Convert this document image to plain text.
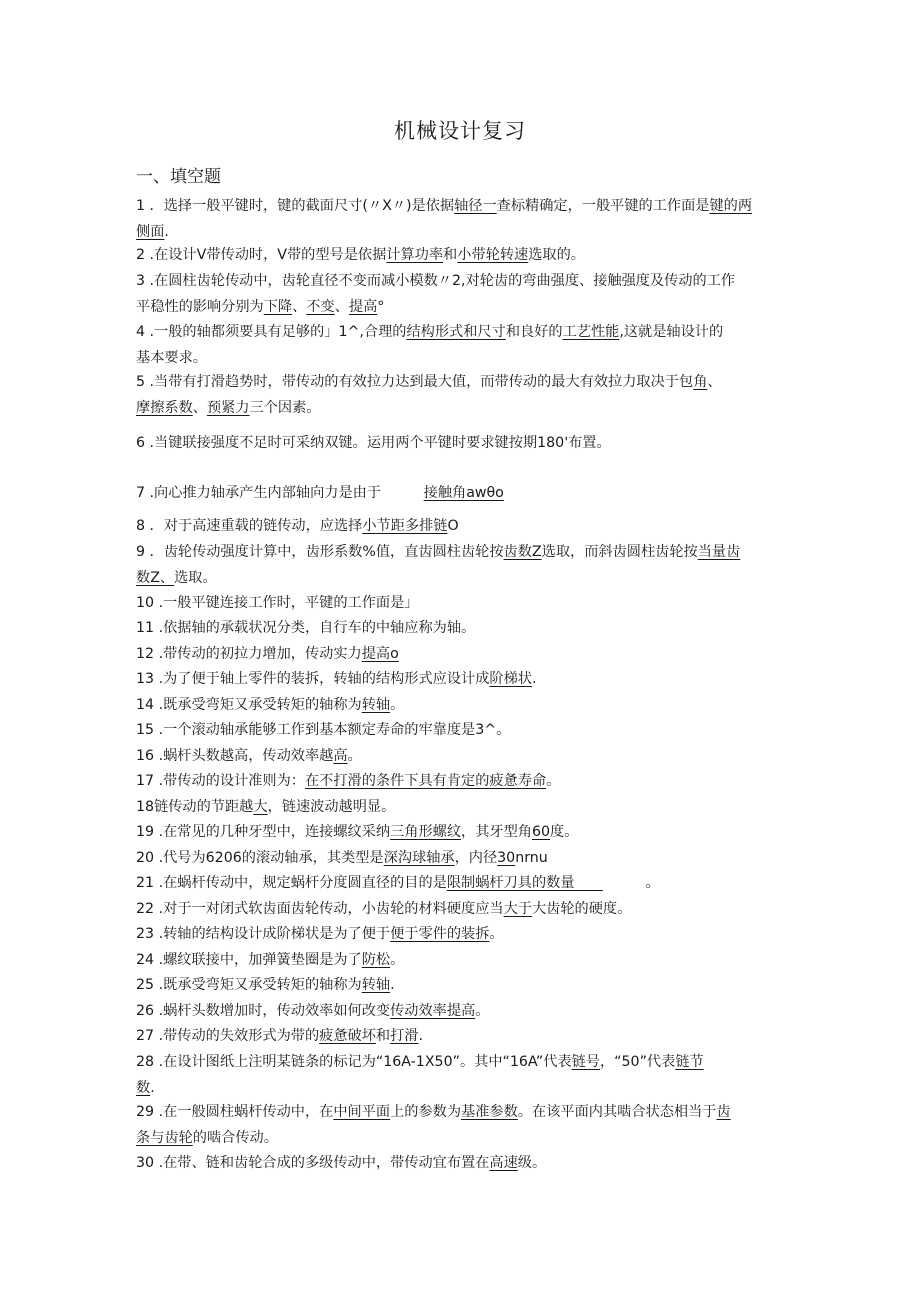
机械设计复习
一、填空题
1 ．选择一般平键时，键的截面尺寸(〃X〃)是依据轴径一查标精确定，一般平键的工作面是键的两
侧面.
2 .在设计V带传动时，V带的型号是依据计算功率和小带轮转速选取的。
3 .在圆柱齿轮传动中，齿轮直径不变而减小模数〃2,对轮齿的弯曲强度、接触强度及传动的工作
平稳性的影响分别为下降、不变、提高°
4 .一般的轴都须要具有足够的」1^,合理的结构形式和尺寸和良好的工艺性能,这就是轴设计的
基本要求。
5 .当带有打滑趋势时，带传动的有效拉力达到最大值，而带传动的最大有效拉力取决于包角、
摩擦系数、预紧力三个因素。
6 .当键联接强度不足时可采纳双键。运用两个平键时要求键按期180'布置。
7 .向心推力轴承产生内部轴向力是由于　　　接触角awθo
8 ．对于高速重载的链传动，应选择小节距多排链O
9 ．齿轮传动强度计算中，齿形系数%值，直齿圆柱齿轮按齿数Z选取，而斜齿圆柱齿轮按当量齿
数Z、选取。
10 .一般平键连接工作时，平键的工作面是」
11 .依据轴的承载状况分类，自行车的中轴应称为轴。
12 .带传动的初拉力增加，传动实力提高o
13 .为了便于轴上零件的装拆，转轴的结构形式应设计成阶梯状.
14 .既承受弯矩又承受转矩的轴称为转轴。
15 .一个滚动轴承能够工作到基本额定寿命的牢靠度是3^。
16 .蜗杆头数越高，传动效率越高。
17 .带传动的设计准则为：在不打滑的条件下具有肯定的疲惫寿命。
18链传动的节距越大，链速波动越明显。
19 .在常见的几种牙型中，连接螺纹采纳三角形螺纹，其牙型角60度。
20 .代号为6206的滚动轴承，其类型是深沟球轴承，内径30nrnu
21 .在蜗杆传动中，规定蜗杆分度圆直径的目的是限制蜗杆刀具的数量　　　　　。
22 .对于一对闭式软齿面齿轮传动，小齿轮的材料硬度应当大于大齿轮的硬度。
23 .转轴的结构设计成阶梯状是为了便于便于零件的装拆。
24 .螺纹联接中，加弹簧垫圈是为了防松。
25 .既承受弯矩又承受转矩的轴称为转轴.
26 .蜗杆头数增加时，传动效率如何改变传动效率提高。
27 .带传动的失效形式为带的疲惫破坏和打滑.
28 .在设计图纸上注明某链条的标记为“16A-1X50”。其中“16A”代表链号，“50”代表链节
数.
29 .在一般圆柱蜗杆传动中，在中间平面上的参数为基准参数。在该平面内其啮合状态相当于齿
条与齿轮的啮合传动。
30 .在带、链和齿轮合成的多级传动中，带传动宜布置在高速级。
